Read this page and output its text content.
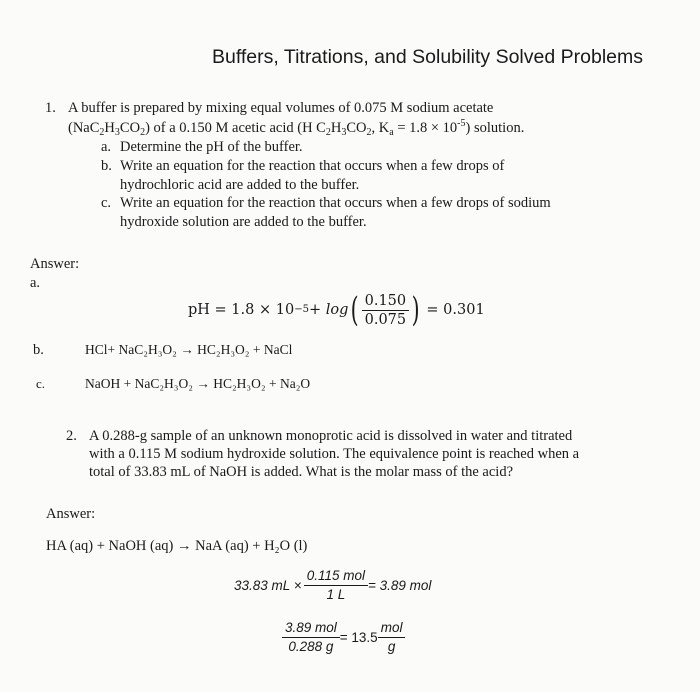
Buffers, Titrations, and Solubility Solved Problems
1. A buffer is prepared by mixing equal volumes of 0.075 M sodium acetate
$(NaC_2H_3CO_2)$ of a 0.150 M acetic acid (H $C_2H_3CO_2$, $K_a = 1.8 \times 10^{-5}$) solution.
a. Determine the pH of the buffer.
b. Write an equation for the reaction that occurs when a few drops of
hydrochloric acid are added to the buffer.
c. Write an equation for the reaction that occurs when a few drops of sodium
hydroxide solution are added to the buffer.
Answer:
a.
pH = 1.8 × 10 −5 + log ( $\frac{0.150}{0.075}$ ) = 0.301
b.	HCl+ NaC₂H₃O₂ → HC₂H₃O₂ + NaCl
c.	NaOH + NaC₂H₃O₂ → HC₂H₃O₂ + Na₂O
2. A 0.288-g sample of an unknown monoprotic acid is dissolved in water and titrated
with a 0.115 M sodium hydroxide solution. The equivalence point is reached when a
total of 33.83 mL of NaOH is added. What is the molar mass of the acid?
Answer:
HA (aq) + NaOH (aq) → NaA (aq) + H₂O (l)
33.83 mL × $\frac{\text{0.115 mol}}{1 L} = 3.89$ mol
$\frac{\text{3.89 mol}}{0.288 g} = 13.5 \frac{\text{mol}}{g}$
